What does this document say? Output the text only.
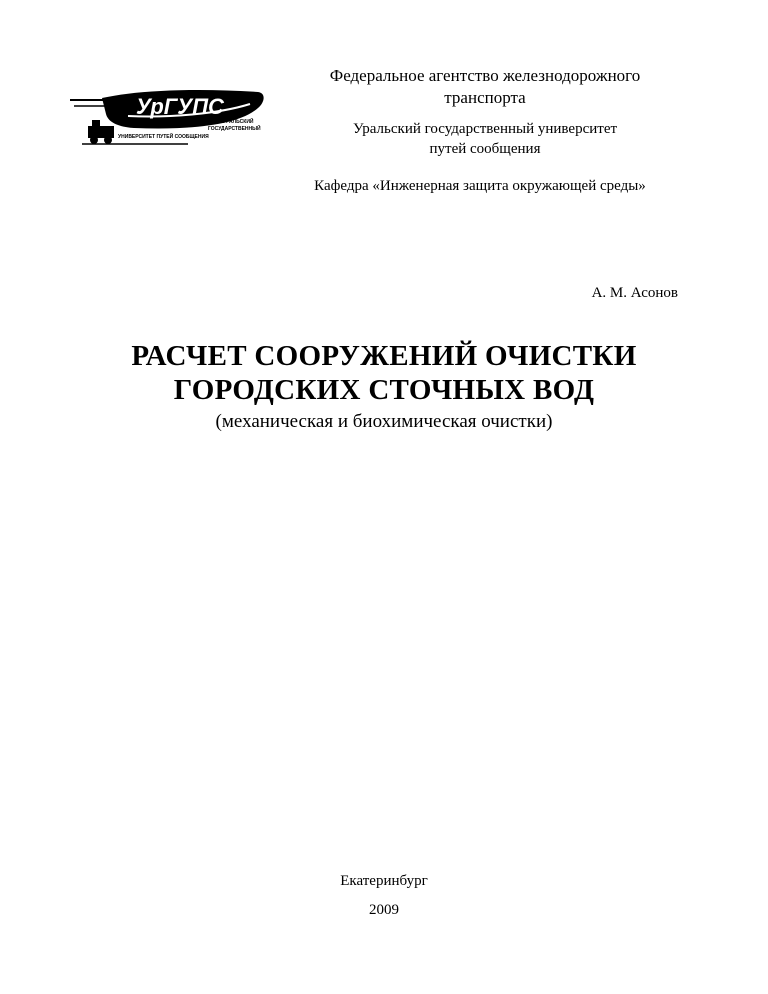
УрГУПС
УРАЛЬСКИЙ
ГОСУДАРСТВЕННЫЙ
УНИВЕРСИТЕТ ПУТЕЙ СООБЩЕНИЯ
Федеральное агентство железнодорожного
транспорта
Уральский государственный университет
путей сообщения
Кафедра «Инженерная защита окружающей среды»
А. М. Асонов
РАСЧЕТ СООРУЖЕНИЙ ОЧИСТКИ
ГОРОДСКИХ СТОЧНЫХ ВОД
(механическая и биохимическая очистки)
Екатеринбург
2009
